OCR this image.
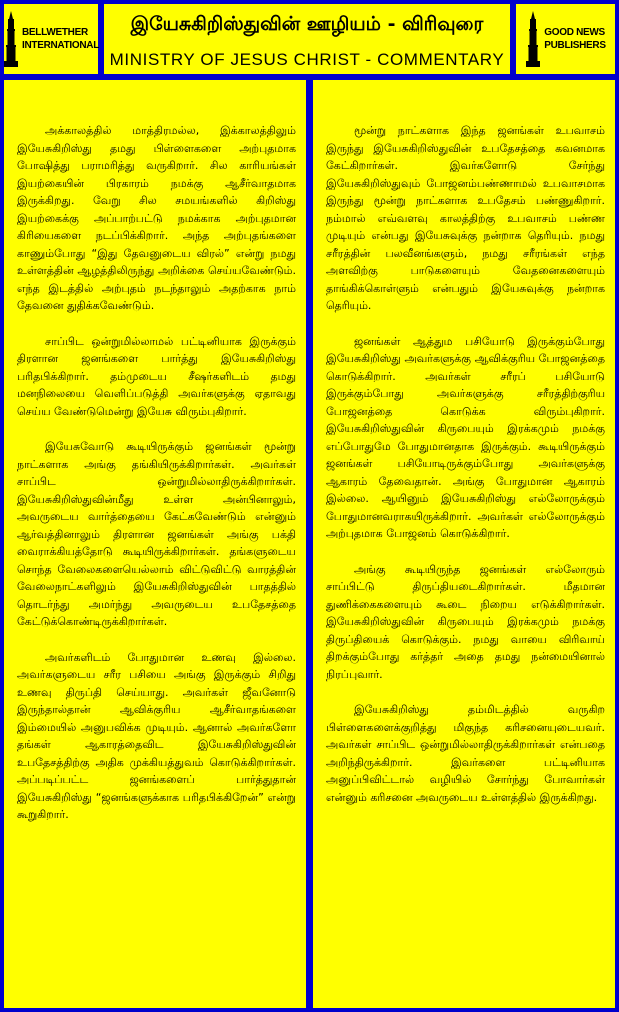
BELLWETHER
INTERNATIONAL
இயேசுகிறிஸ்துவின் ஊழியம் - விரிவுரை
MINISTRY OF JESUS CHRIST - COMMENTARY
GOOD NEWS
PUBLISHERS

அக்காலத்தில் மாத்திரமல்ல, இக்காலத்திலும் இயேசுகிறிஸ்து தமது பிள்ளைகளை அற்புதமாக போஷித்து பராமரித்து வருகிறார். சில காரியங்கள் இயற்கையின் பிரகாரம் நமக்கு ஆசீர்வாதமாக இருக்கிறது. வேறு சில சமயங்களில் கிறிஸ்து இயற்கைக்கு அப்பாற்பட்டு நமக்காக அற்புதமான கிரியைகளை நடப்பிக்கிறார். அந்த அற்புதங்களை காணும்போது “இது தேவனுடைய விரல்” என்று நமது உள்ளத்தின் ஆழத்திலிருந்து அறிக்கை செய்யவேண்டும். எந்த இடத்தில் அற்புதம் நடந்தாலும் அதற்காக நாம் தேவனை துதிக்கவேண்டும்.

சாப்பிட ஒன்றுமில்லாமல் பட்டினியாக இருக்கும் திரளான ஜனங்களை பார்த்து இயேசுகிறிஸ்து பரிதபிக்கிறார். தம்முடைய சீஷர்களிடம் தமது மனநிலையை வெளிப்படுத்தி அவர்களுக்கு ஏதாவது செய்ய வேண்டுமென்று இயேசு விரும்புகிறார்.

இயேசுவோடு கூடியிருக்கும் ஜனங்கள் மூன்று நாட்களாக அங்கு தங்கியிருக்கிறார்கள். அவர்கள் சாப்பிட ஒன்றுமில்லாதிருக்கிறார்கள். இயேசுகிறிஸ்துவின்மீது உள்ள அன்பினாலும், அவருடைய வார்த்தையை கேட்கவேண்டும் என்னும் ஆர்வத்தினாலும் திரளான ஜனங்கள் அங்கு பக்தி வைராக்கியத்தோடு கூடியிருக்கிறார்கள். தங்களுடைய சொந்த வேலைகளையெல்லாம் விட்டுவிட்டு வாரத்தின் வேலைநாட்களிலும் இயேசுகிறிஸ்துவின் பாதத்தில் தொடர்ந்து அமர்ந்து அவருடைய உபதேசத்தை கேட்டுக்கொண்டிருக்கிறார்கள்.

அவர்களிடம் போதுமான உணவு இல்லை. அவர்களுடைய சரீர பசியை அங்கு இருக்கும் சிறிது உணவு திருப்தி செய்யாது. அவர்கள் ஜீவனோடு இருந்தால்தான் ஆவிக்குரிய ஆசீர்வாதங்களை இம்மையில் அனுபவிக்க முடியும். ஆனால் அவர்களோ தங்கள் ஆகாரத்தைவிட இயேசுகிறிஸ்துவின் உபதேசத்திற்கு அதிக முக்கியத்துவம் கொடுக்கிறார்கள். அப்படிப்பட்ட ஜனங்களைப் பார்த்துதான் இயேசுகிறிஸ்து “ஜனங்களுக்காக பரிதபிக்கிறேன்” என்று கூறுகிறார்.

மூன்று நாட்களாக இந்த ஜனங்கள் உபவாசம் இருந்து இயேசுகிறிஸ்துவின் உபதேசத்தை கவனமாக கேட்கிறார்கள். இவர்களோடு சேர்ந்து இயேசுகிறிஸ்துவும் போஜனம்பண்ணாமல் உபவாசமாக இருந்து மூன்று நாட்களாக உபதேசம் பண்ணுகிறார். நம்மால் எவ்வளவு காலத்திற்கு உபவாசம் பண்ண முடியும் என்பது இயேசுவுக்கு நன்றாக தெரியும். நமது சரீரத்தின் பலவீனங்களும், நமது சரீரங்கள் எந்த அளவிற்கு பாடுகளையும் வேதனைகளையும் தாங்கிக்கொள்ளும் என்பதும் இயேசுவுக்கு நன்றாக தெரியும்.

ஜனங்கள் ஆத்தும பசியோடு இருக்கும்போது இயேசுகிறிஸ்து அவர்களுக்கு ஆவிக்குரிய போஜனத்தை கொடுக்கிறார். அவர்கள் சரீரப் பசியோடு இருக்கும்போது அவர்களுக்கு சரீரத்திற்குரிய போஜனத்தை கொடுக்க விரும்புகிறார். இயேசுகிறிஸ்துவின் கிருபையும் இரக்கமும் நமக்கு எப்போதுமே போதுமானதாக இருக்கும். கூடியிருக்கும் ஜனங்கள் பசியோடிருக்கும்போது அவர்களுக்கு ஆகாரம் தேவைதான். அங்கு போதுமான ஆகாரம் இல்லை. ஆயினும் இயேசுகிறிஸ்து எல்லோருக்கும் போதுமானவராகயிருக்கிறார். அவர்கள் எல்லோருக்கும் அற்புதமாக போஜனம் கொடுக்கிறார்.

அங்கு கூடியிருந்த ஜனங்கள் எல்லோரும் சாப்பிட்டு திருப்தியடைகிறார்கள். மீதமான துணிக்கைகளையும் கூடை நிறைய எடுக்கிறார்கள். இயேசுகிறிஸ்துவின் கிருபையும் இரக்கமும் நமக்கு திருப்தியைக் கொடுக்கும். நமது வாயை விரிவாய் திறக்கும்போது கர்த்தர் அதை தமது நன்மையினால் நிரப்புவார்.

இயேசுகிறிஸ்து தம்மிடத்தில் வருகிற பிள்ளைகளைக்குறித்து மிகுந்த கரிசனையுடையவர். அவர்கள் சாப்பிட ஒன்றுமில்லாதிருக்கிறார்கள் என்பதை அறிந்திருக்கிறார். இவர்களை பட்டினியாக அனுப்பிவிட்டால் வழியில் சோர்ந்து போவார்கள் என்னும் கரிசனை அவருடைய உள்ளத்தில் இருக்கிறது.
